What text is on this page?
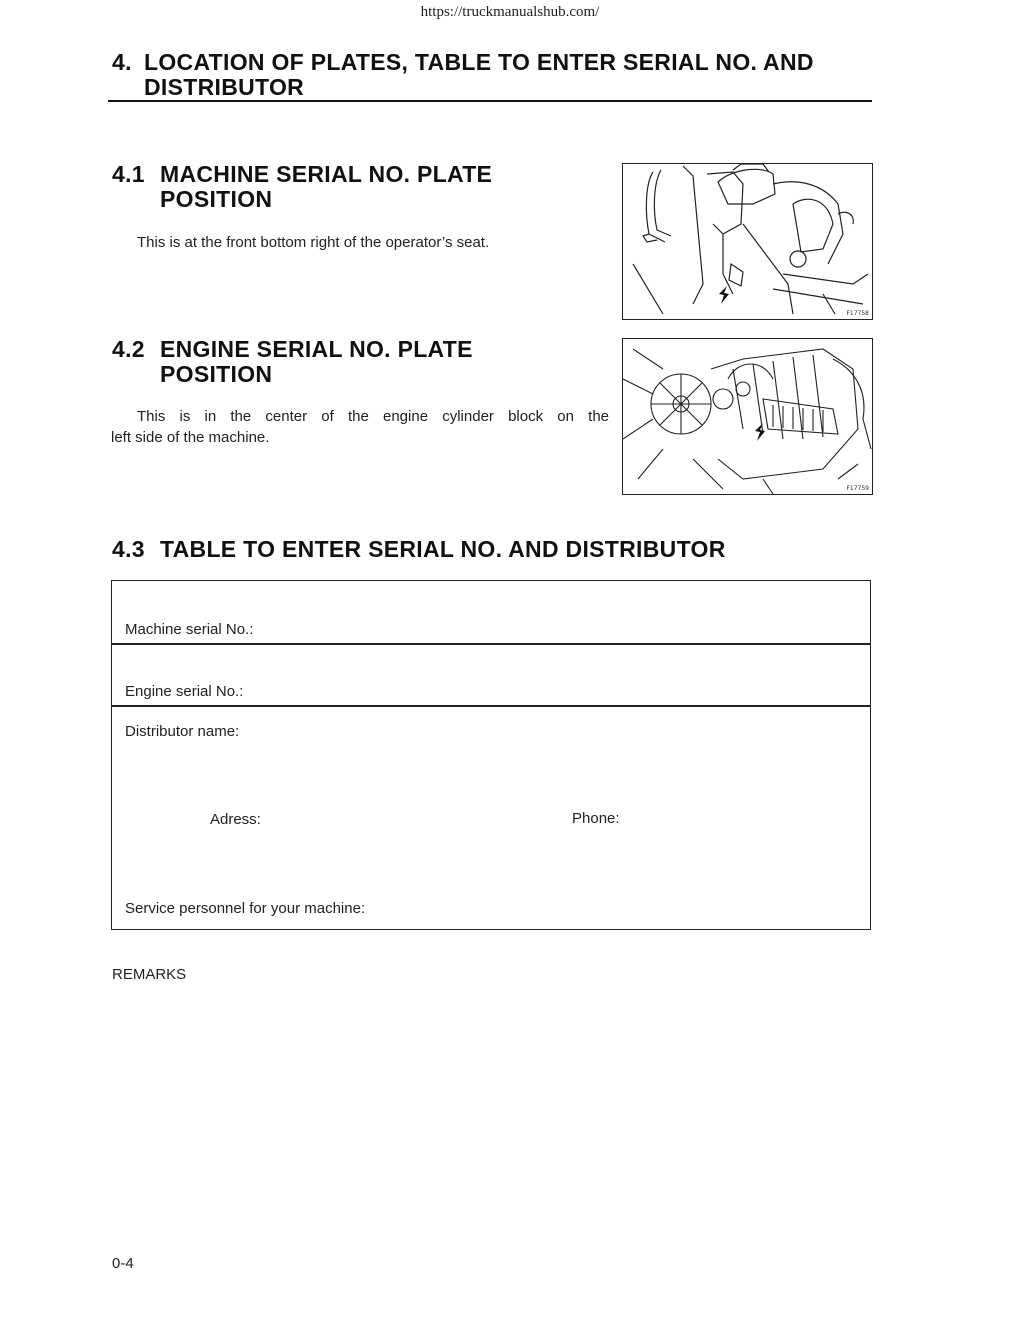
https://truckmanualshub.com/
4. LOCATION OF PLATES, TABLE TO ENTER SERIAL NO. AND
DISTRIBUTOR
4.1 MACHINE SERIAL NO. PLATE
POSITION
This is at the front bottom right of the operator’s seat.
F17758
4.2 ENGINE SERIAL NO. PLATE
POSITION
This is in the center of the engine cylinder block on the
left side of the machine.
F17759
4.3 TABLE TO ENTER SERIAL NO. AND DISTRIBUTOR
Machine serial No.:
Engine serial No.:
Distributor name:
Adress:	Phone:
Service personnel for your machine:
REMARKS
0-4
